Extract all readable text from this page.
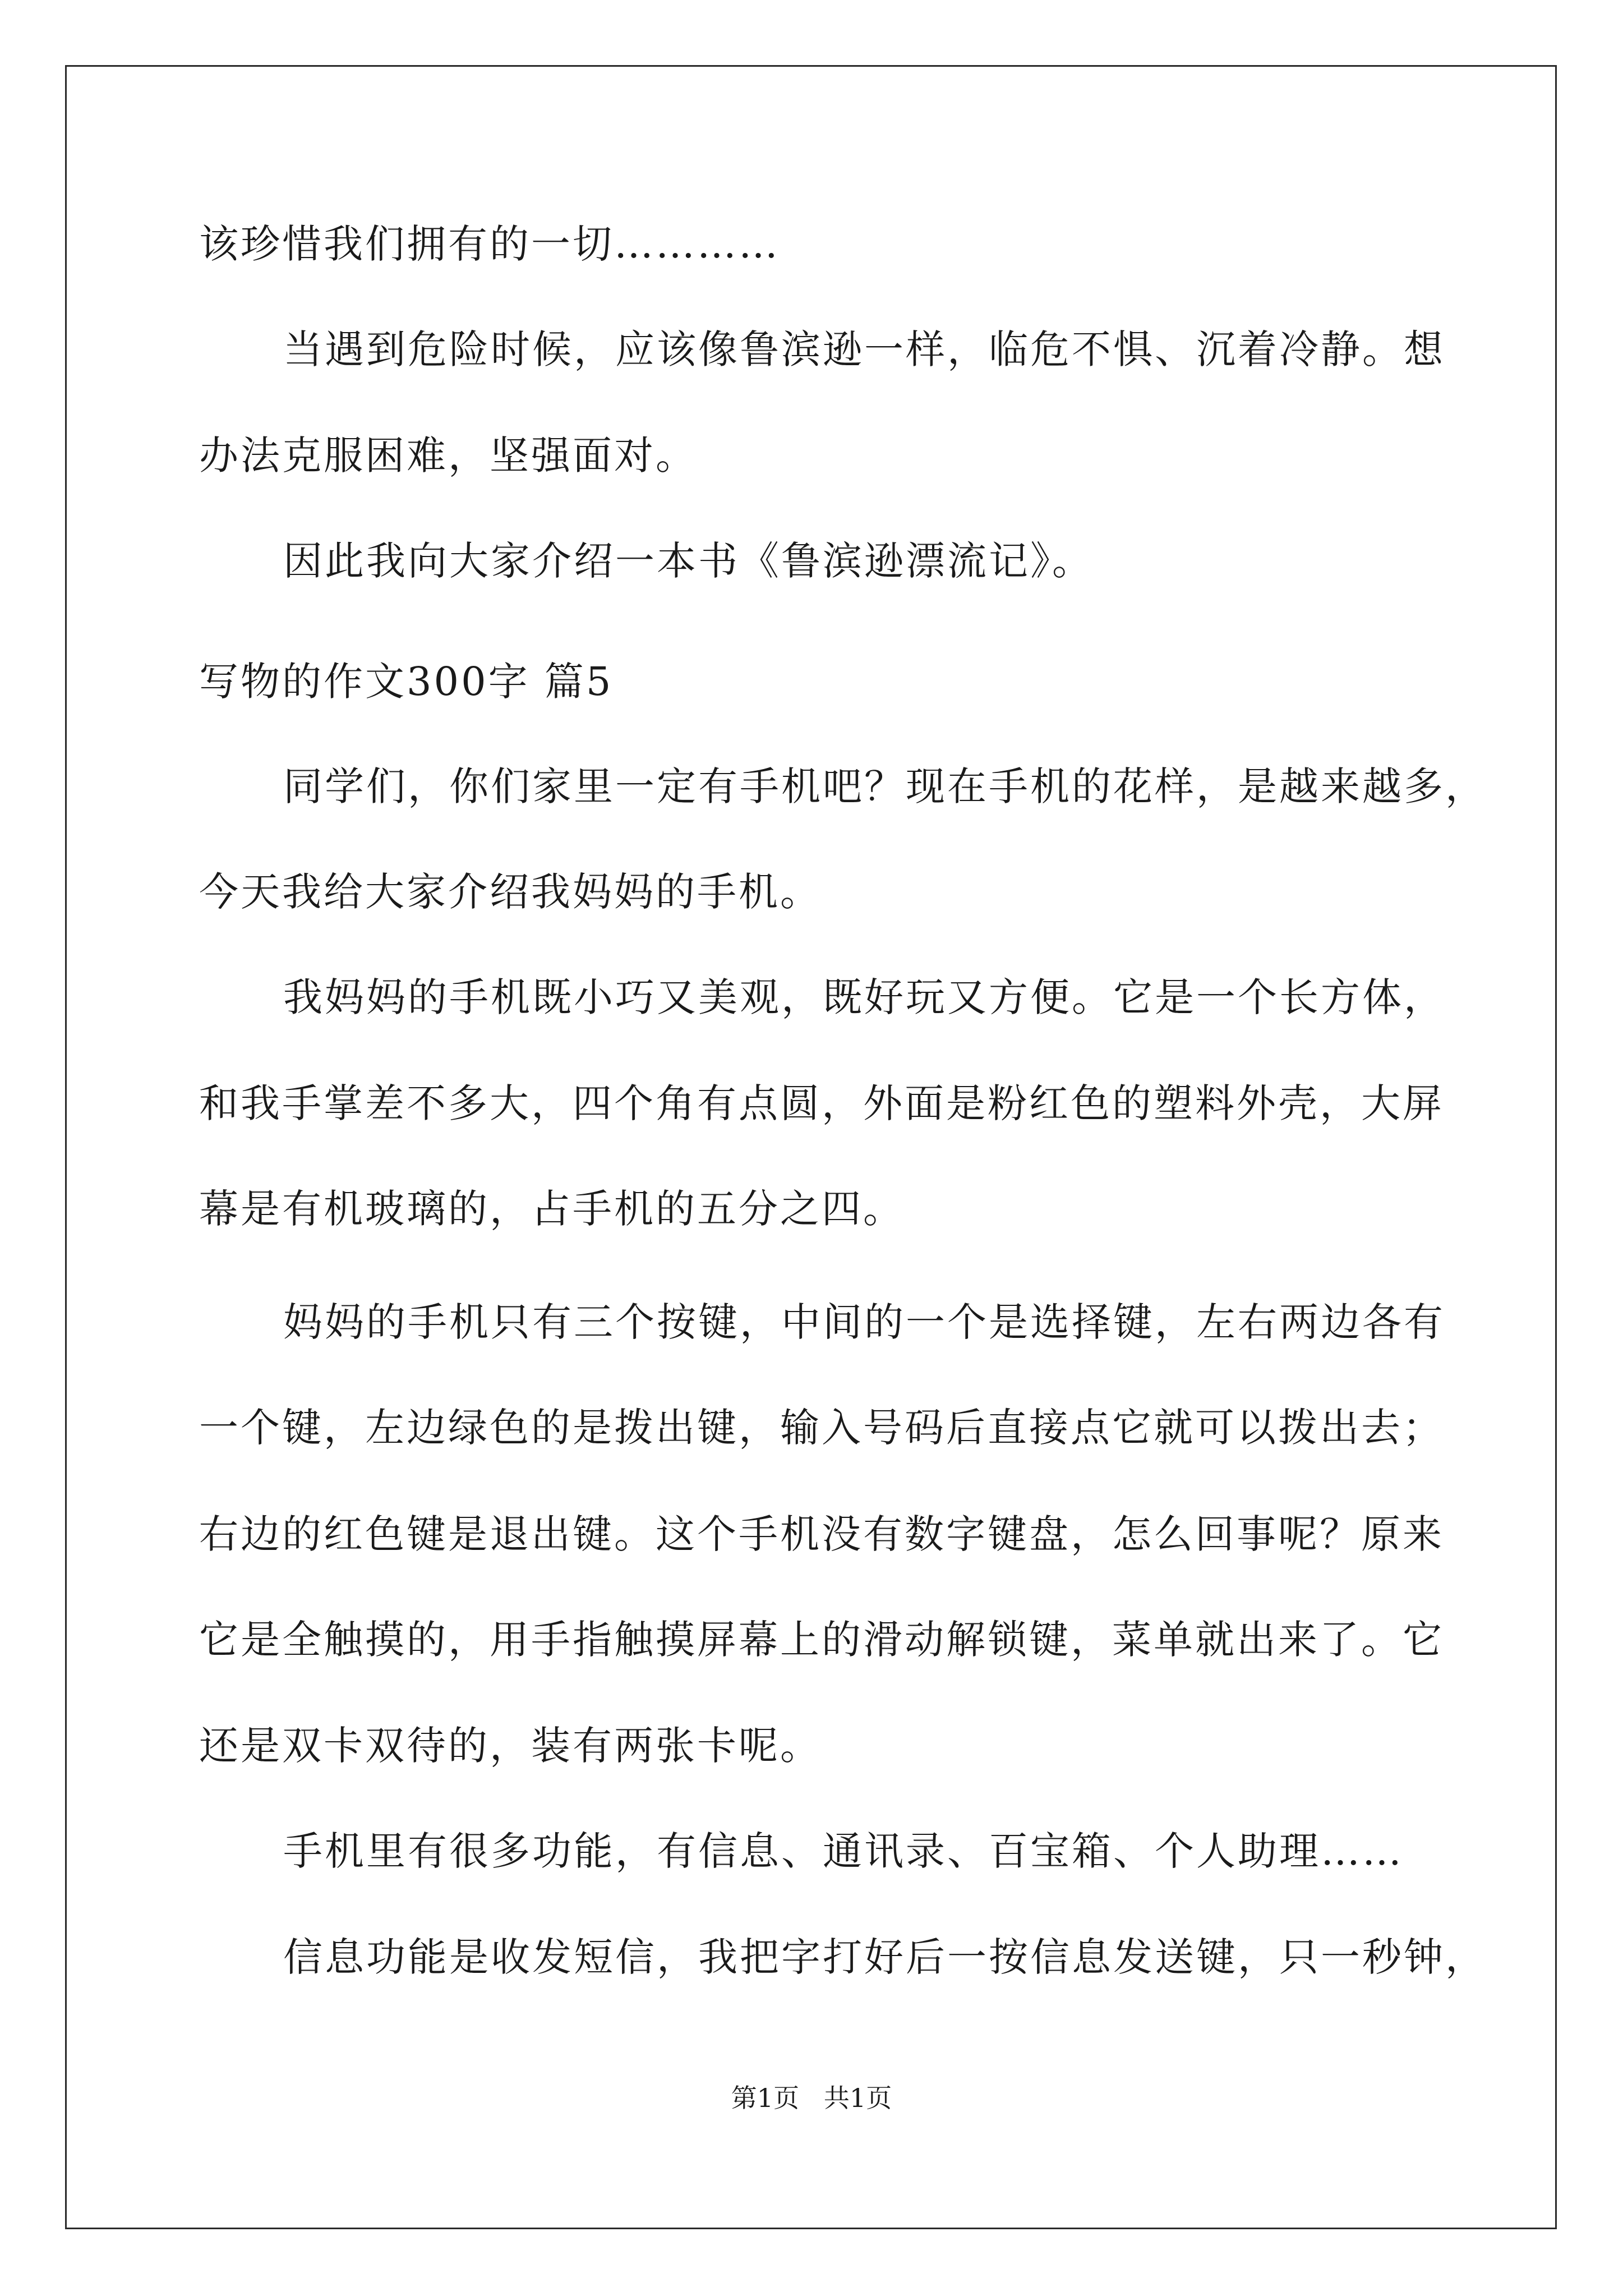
该珍惜我们拥有的一切…………
当遇到危险时候，应该像鲁滨逊一样，临危不惧、沉着冷静。想
办法克服困难，坚强面对。
因此我向大家介绍一本书《鲁滨逊漂流记》。
写物的作文300字 篇5
同学们，你们家里一定有手机吧？现在手机的花样，是越来越多，
今天我给大家介绍我妈妈的手机。
我妈妈的手机既小巧又美观，既好玩又方便。它是一个长方体，
和我手掌差不多大，四个角有点圆，外面是粉红色的塑料外壳，大屏
幕是有机玻璃的，占手机的五分之四。
妈妈的手机只有三个按键，中间的一个是选择键，左右两边各有
一个键，左边绿色的是拨出键，输入号码后直接点它就可以拨出去；
右边的红色键是退出键。这个手机没有数字键盘，怎么回事呢？原来
它是全触摸的，用手指触摸屏幕上的滑动解锁键，菜单就出来了。它
还是双卡双待的，装有两张卡呢。
手机里有很多功能，有信息、通讯录、百宝箱、个人助理……
信息功能是收发短信，我把字打好后一按信息发送键，只一秒钟，
第1页   共1页
